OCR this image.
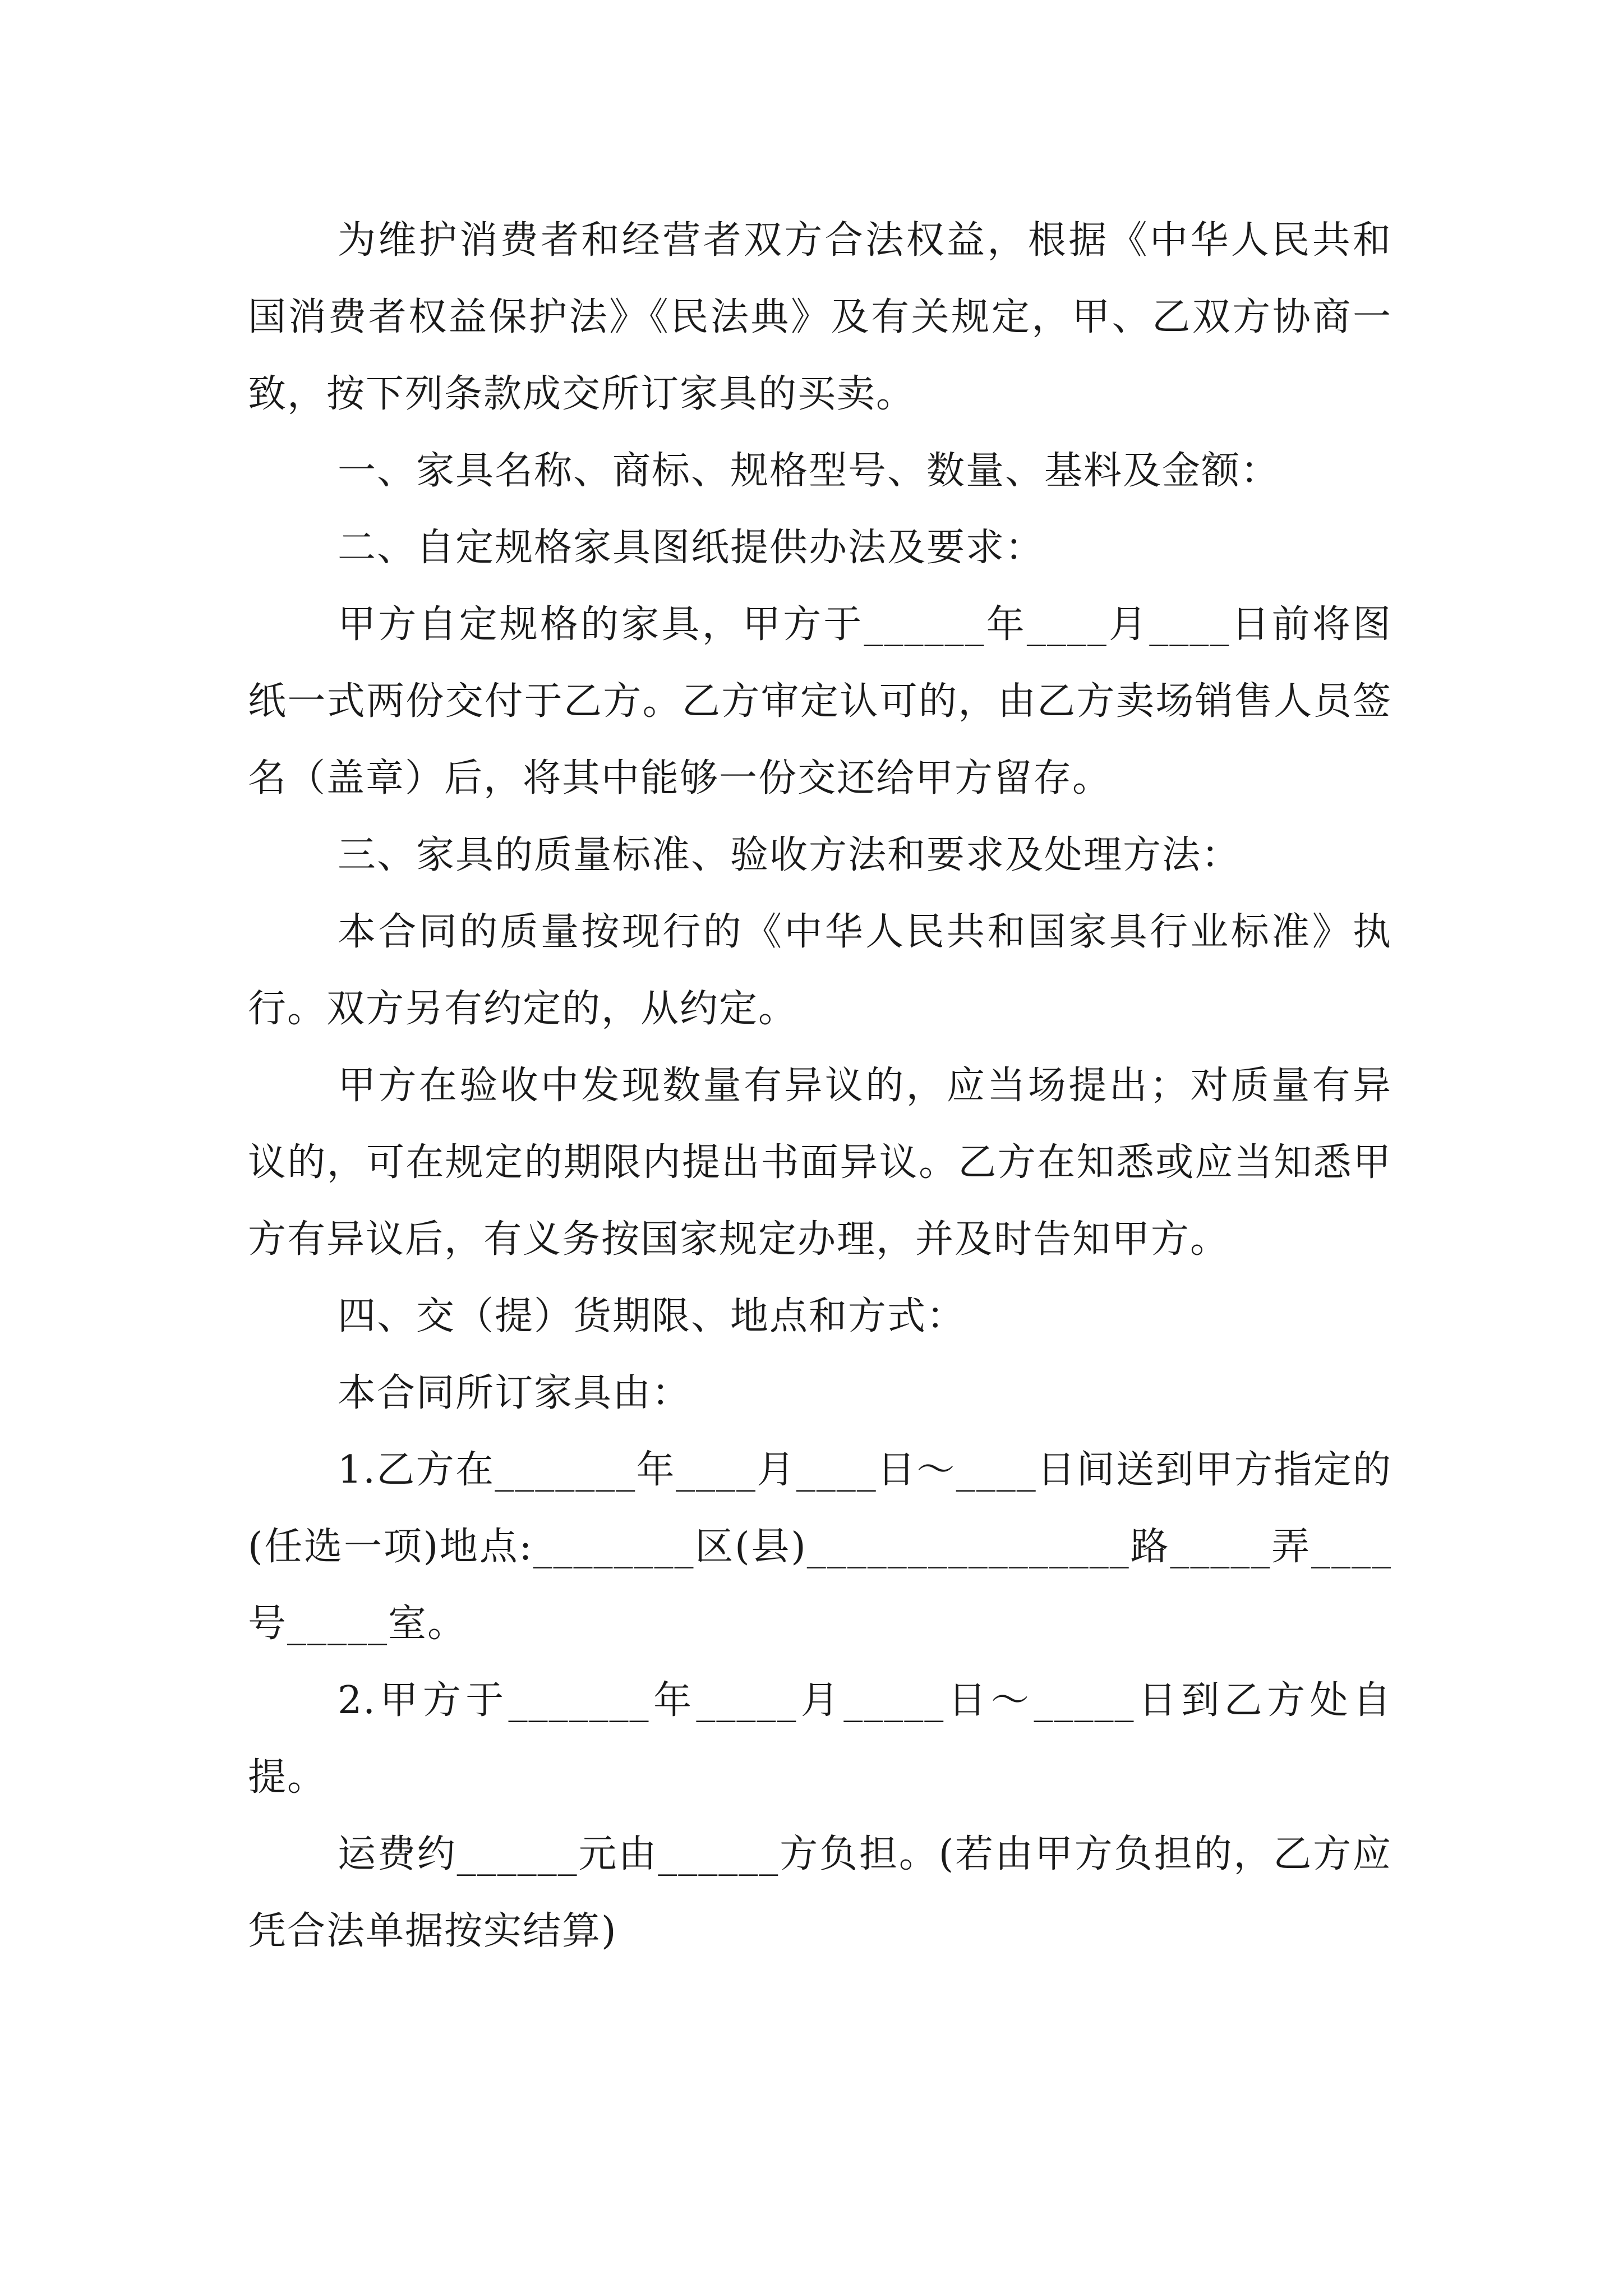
为维护消费者和经营者双方合法权益，根据《中华人民共和国消费者权益保护法》《民法典》及有关规定，甲、乙双方协商一致，按下列条款成交所订家具的买卖。

一、家具名称、商标、规格型号、数量、基料及金额：

二、自定规格家具图纸提供办法及要求：

甲方自定规格的家具，甲方于______年____月____日前将图纸一式两份交付于乙方。乙方审定认可的，由乙方卖场销售人员签名（盖章）后，将其中能够一份交还给甲方留存。

三、家具的质量标准、验收方法和要求及处理方法：

本合同的质量按现行的《中华人民共和国家具行业标准》执行。双方另有约定的，从约定。

甲方在验收中发现数量有异议的，应当场提出；对质量有异议的，可在规定的期限内提出书面异议。乙方在知悉或应当知悉甲方有异议后，有义务按国家规定办理，并及时告知甲方。

四、交（提）货期限、地点和方式：

本合同所订家具由：

1.乙方在_______年____月____日～____日间送到甲方指定的(任选一项)地点:________区(县)________________路_____弄____号_____室。

2.甲方于_______年_____月_____日～_____日到乙方处自提。

运费约______元由______方负担。(若由甲方负担的，乙方应凭合法单据按实结算)
